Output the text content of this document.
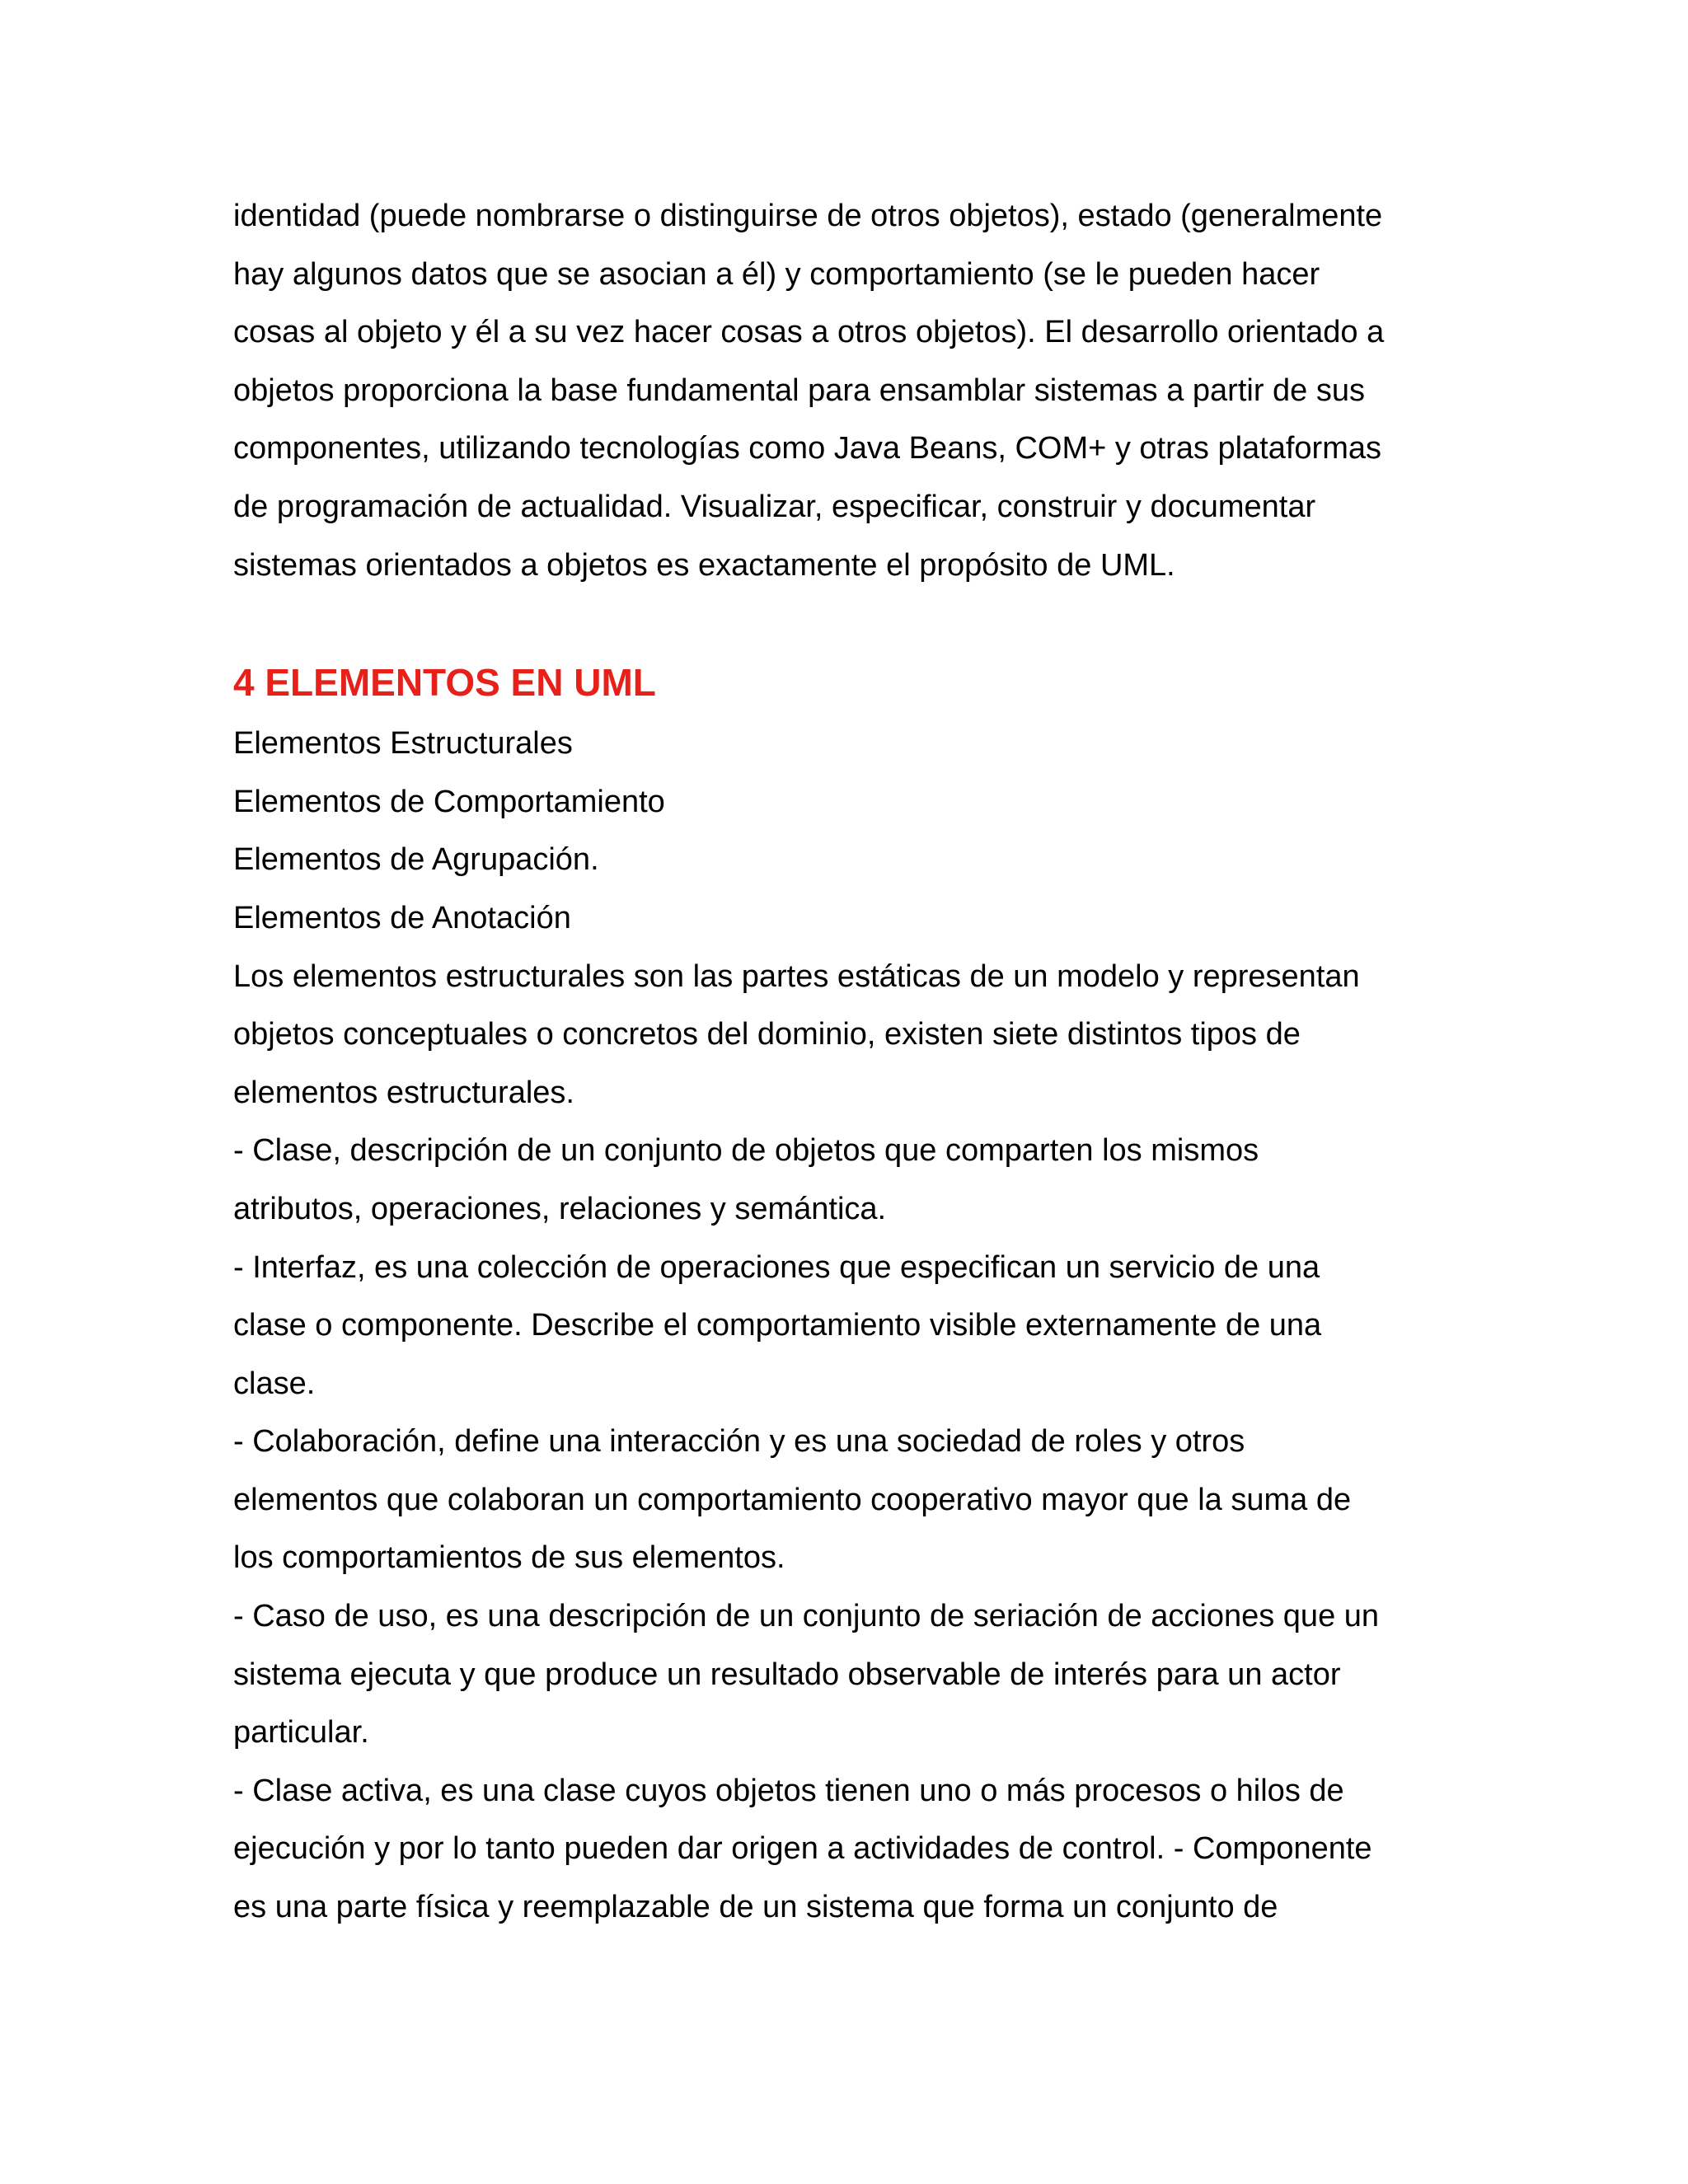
identidad (puede nombrarse o distinguirse de otros objetos), estado (generalmente

hay algunos datos que se asocian a él) y comportamiento (se le pueden hacer

cosas al objeto y él a su vez hacer cosas a otros objetos). El desarrollo orientado a

objetos proporciona la base fundamental para ensamblar sistemas a partir de sus

componentes, utilizando tecnologías como Java Beans, COM+ y otras plataformas

de programación de actualidad. Visualizar, especificar, construir y documentar

sistemas orientados a objetos es exactamente el propósito de UML.

4 ELEMENTOS EN UML

Elementos Estructurales

Elementos de Comportamiento

Elementos de Agrupación.

Elementos de Anotación

Los elementos estructurales son las partes estáticas de un modelo y representan

objetos conceptuales o concretos del dominio, existen siete distintos tipos de

elementos estructurales.

- Clase, descripción de un conjunto de objetos que comparten los mismos

atributos, operaciones, relaciones y semántica.

- Interfaz, es una colección de operaciones que especifican un servicio de una

clase o componente. Describe el comportamiento visible externamente de una

clase.

- Colaboración, define una interacción y es una sociedad de roles y otros

elementos que colaboran un comportamiento cooperativo mayor que la suma de

los comportamientos de sus elementos.

- Caso de uso, es una descripción de un conjunto de seriación de acciones que un

sistema ejecuta y que produce un resultado observable de interés para un actor

particular.

- Clase activa, es una clase cuyos objetos tienen uno o más procesos o hilos de

ejecución y por lo tanto pueden dar origen a actividades de control. - Componente

es una parte física y reemplazable de un sistema que forma un conjunto de
